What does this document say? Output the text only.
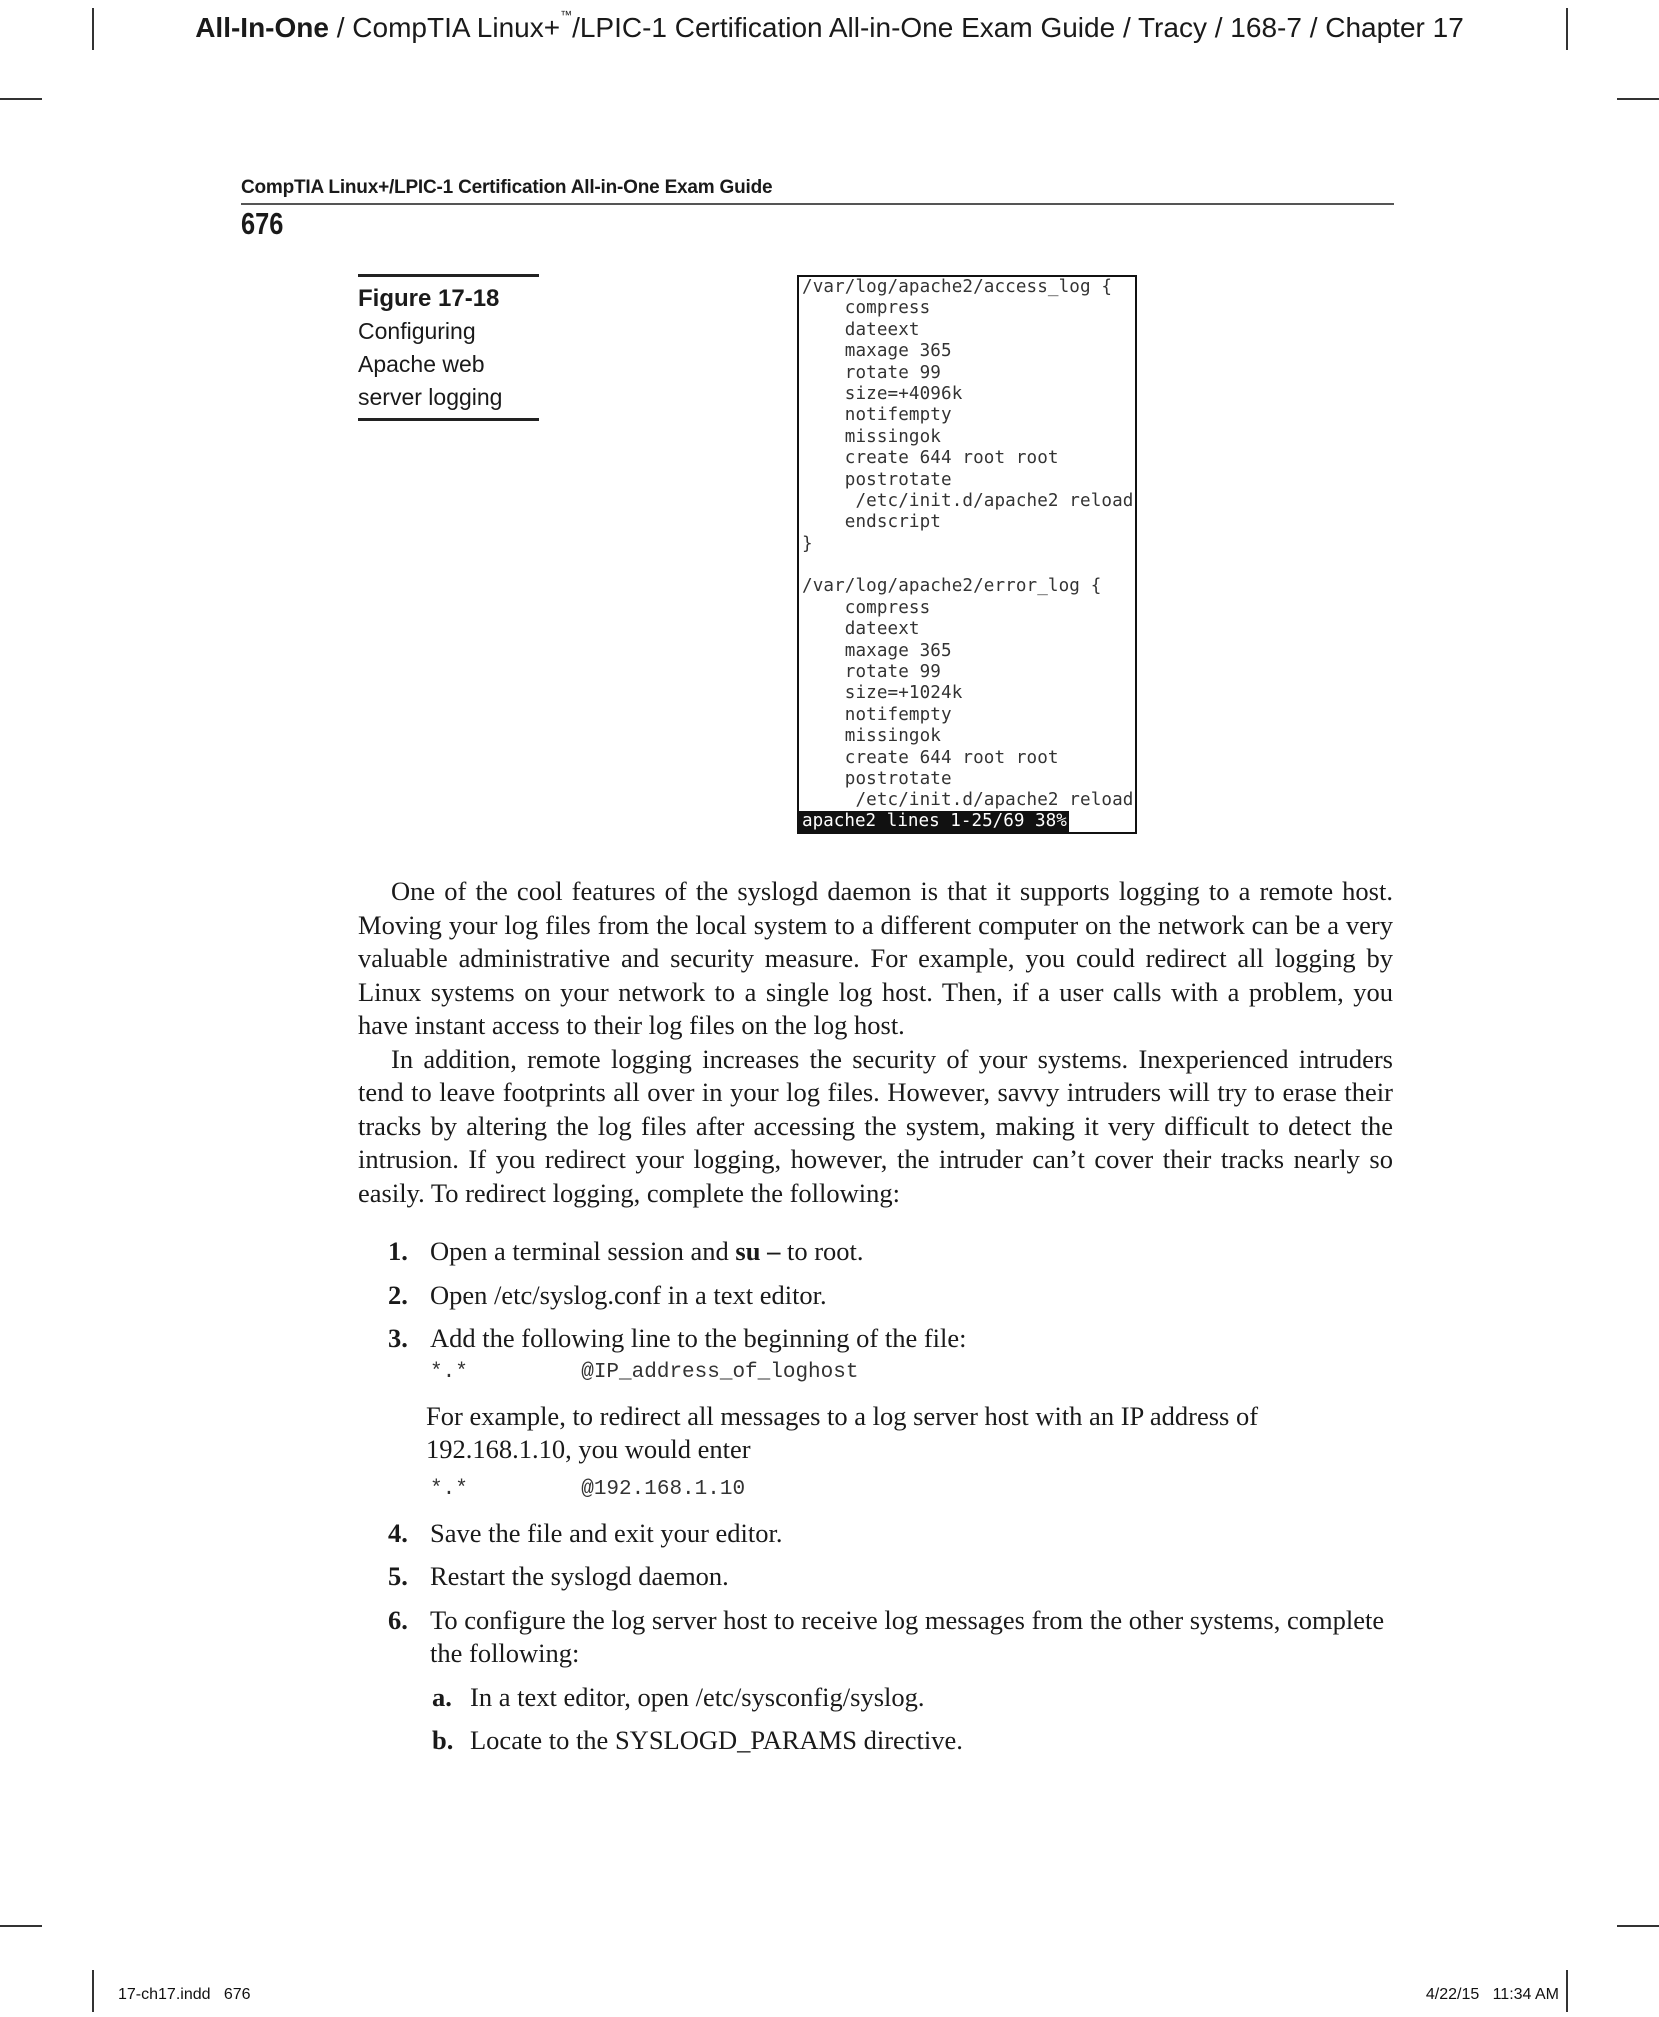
All-In-One / CompTIA Linux+™/LPIC-1 Certification All-in-One Exam Guide / Tracy / 168-7 / Chapter 17
CompTIA Linux+/LPIC-1 Certification All-in-One Exam Guide
676
Figure 17-18
Configuring
Apache web
server logging
/var/log/apache2/access_log {
compress
dateext
maxage 365
rotate 99
size=+4096k
notifempty
missingok
create 644 root root
postrotate
/etc/init.d/apache2 reload
endscript
}
/var/log/apache2/error_log {
compress
dateext
maxage 365
rotate 99
size=+1024k
notifempty
missingok
create 644 root root
postrotate
/etc/init.d/apache2 reload
apache2 lines 1-25/69 38%

One of the cool features of the syslogd daemon is that it supports logging to a remote host. Moving your log files from the local system to a different computer on the network can be a very valuable administrative and security measure. For example, you could redirect all logging by Linux systems on your network to a single log host. Then, if a user calls with a problem, you have instant access to their log files on the log host.

In addition, remote logging increases the security of your systems. Inexperienced intruders tend to leave footprints all over in your log files. However, savvy intruders will try to erase their tracks by altering the log files after accessing the system, making it very difficult to detect the intrusion. If you redirect your logging, however, the intruder can’t cover their tracks nearly so easily. To redirect logging, complete the following:

1. Open a terminal session and su – to root.
2. Open /etc/syslog.conf in a text editor.
3. Add the following line to the beginning of the file:
*.*         @IP_address_of_loghost
For example, to redirect all messages to a log server host with an IP address of 192.168.1.10, you would enter
*.*         @192.168.1.10
4. Save the file and exit your editor.
5. Restart the syslogd daemon.
6. To configure the log server host to receive log messages from the other systems, complete the following:
a. In a text editor, open /etc/sysconfig/syslog.
b. Locate to the SYSLOGD_PARAMS directive.
17-ch17.indd   676	4/22/15   11:34 AM
